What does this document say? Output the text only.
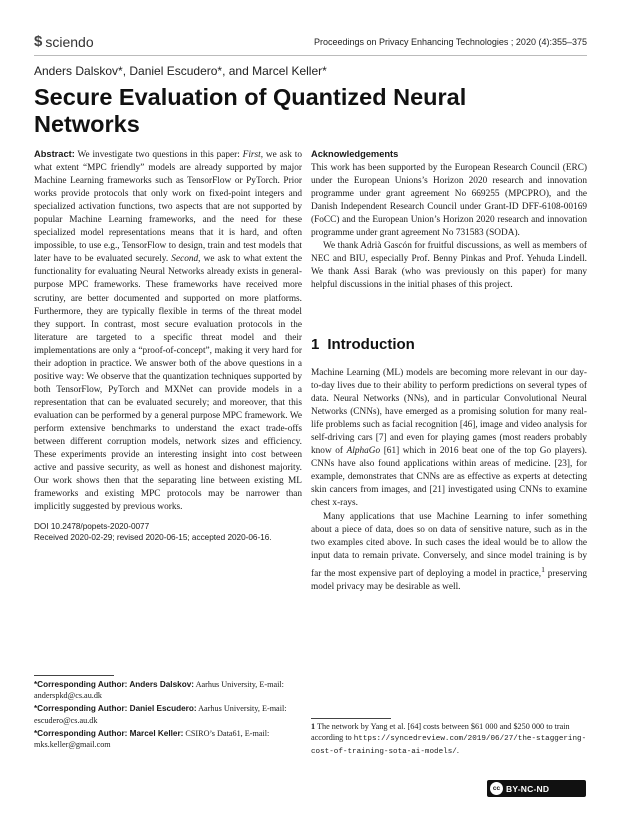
$ sciendo	Proceedings on Privacy Enhancing Technologies ; 2020 (4):355–375
Anders Dalskov*, Daniel Escudero*, and Marcel Keller*
Secure Evaluation of Quantized Neural Networks

Abstract: We investigate two questions in this paper: First, we ask to what extent “MPC friendly” models are already supported by major Machine Learning frameworks such as TensorFlow or PyTorch. Prior works provide protocols that only work on fixed-point integers and specialized activation functions, two aspects that are not supported by popular Machine Learning frameworks, and the need for these specialized model representations means that it is hard, and often impossible, to use e.g., TensorFlow to design, train and test models that later have to be evaluated securely. Second, we ask to what extent the functionality for evaluating Neural Networks already exists in general-purpose MPC frameworks. These frameworks have received more scrutiny, are better documented and supported on more platforms. Furthermore, they are typically flexible in terms of the threat model they support. In contrast, most secure evaluation protocols in the literature are targeted to a specific threat model and their implementations are only a “proof-of-concept”, making it very hard for their adoption in practice. We answer both of the above questions in a positive way: We observe that the quantization techniques supported by both TensorFlow, PyTorch and MXNet can provide models in a representation that can be evaluated securely; and moreover, that this evaluation can be performed by a general purpose MPC framework. We perform extensive benchmarks to understand the exact trade-offs between different corruption models, network sizes and efficiency. These experiments provide an interesting insight into cost between active and passive security, as well as honest and dishonest majority. Our work shows then that the separating line between existing ML frameworks and existing MPC protocols may be narrower than implicitly suggested by previous works.

DOI 10.2478/popets-2020-0077
Received 2020-02-29; revised 2020-06-15; accepted 2020-06-16.

*Corresponding Author: Anders Dalskov: Aarhus University, E-mail: anderspkd@cs.au.dk

*Corresponding Author: Daniel Escudero: Aarhus University, E-mail: escudero@cs.au.dk

*Corresponding Author: Marcel Keller: CSIRO’s Data61, E-mail: mks.keller@gmail.com

Acknowledgements

This work has been supported by the European Research Council (ERC) under the European Unions’s Horizon 2020 research and innovation programme under grant agreement No 669255 (MPCPRO), and the Danish Independent Research Council under Grant-ID DFF-6108-00169 (FoCC) and the European Union’s Horizon 2020 research and innovation programme under grant agreement No 731583 (SODA).

We thank Adrià Gascón for fruitful discussions, as well as members of NEC and BIU, especially Prof. Benny Pinkas and Prof. Yehuda Lindell. We thank Assi Barak (who was previously on this paper) for many helpful discussions in the initial phases of this project.

1 Introduction

Machine Learning (ML) models are becoming more relevant in our day-to-day lives due to their ability to perform predictions on several types of data. Neural Networks (NNs), and in particular Convolutional Neural Networks (CNNs), have emerged as a promising solution for many real-life problems such as facial recognition [46], image and video analysis for self-driving cars [7] and even for playing games (most readers probably know of AlphaGo [61] which in 2016 beat one of the top Go players). CNNs have also found applications within areas of medicine. [23], for example, demonstrates that CNNs are as effective as experts at detecting skin cancers from images, and [21] investigated using CNNs to examine chest x-rays.

Many applications that use Machine Learning to infer something about a piece of data, does so on data of sensitive nature, such as in the two examples cited above. In such cases the ideal would be to allow the input data to remain private. Conversely, and since model training is by far the most expensive part of deploying a model in practice,$^1$ preserving model privacy may be desirable as well.

1 The network by Yang et al. [64] costs between $61 000 and $250 000 to train according to https://syncedreview.com/2019/06/27/the-staggering-cost-of-training-sota-ai-models/.

cc BY-NC-ND
